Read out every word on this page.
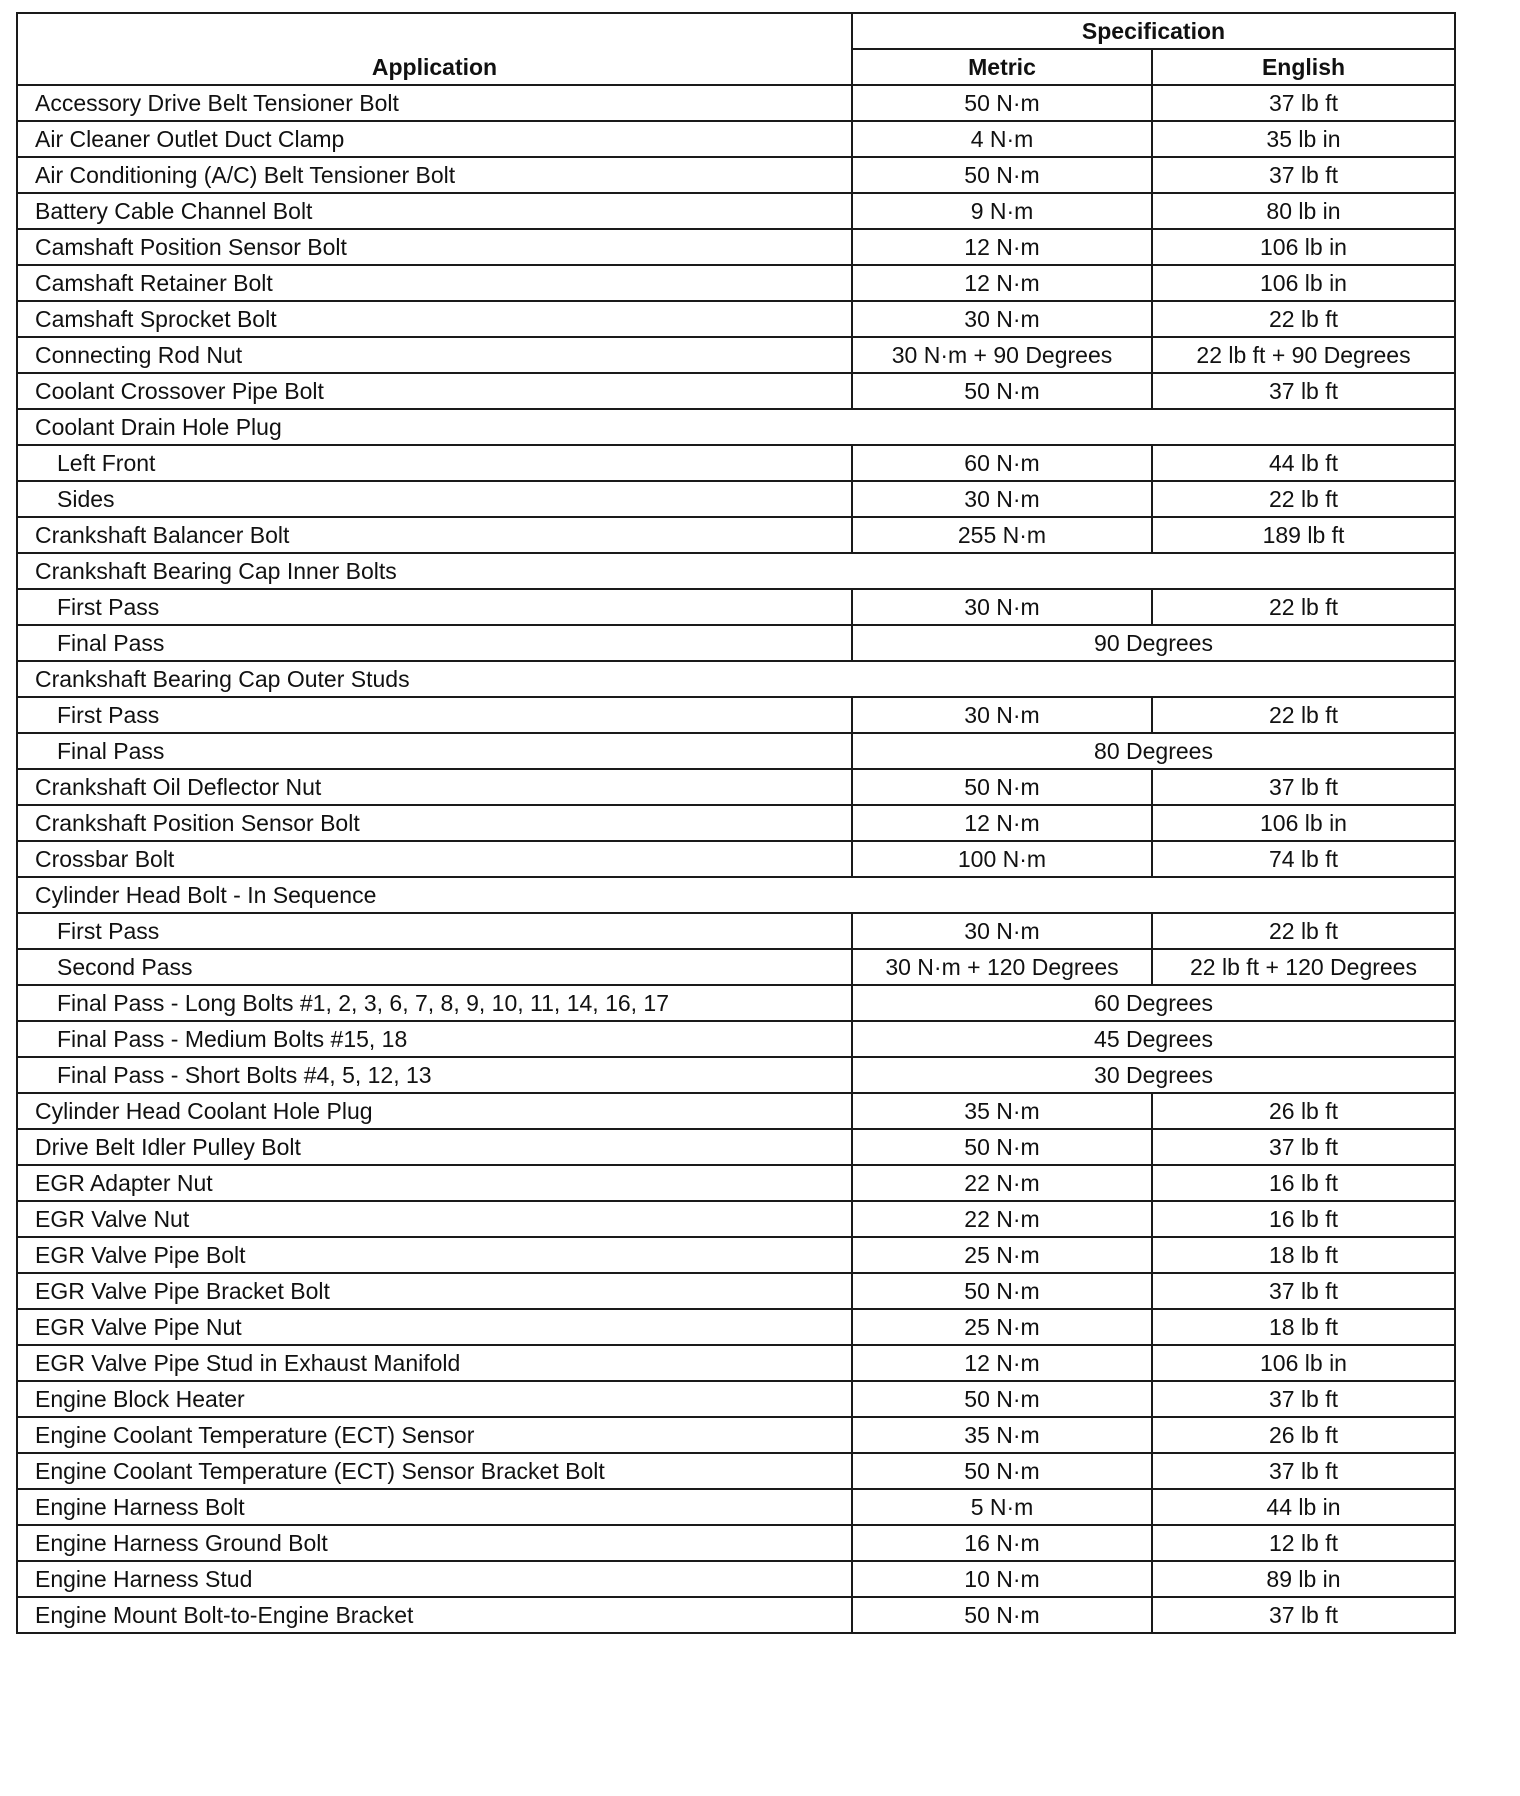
Application	Specification	
	Metric	English
Accessory Drive Belt Tensioner Bolt	50 N·m	37 lb ft
Air Cleaner Outlet Duct Clamp	4 N·m	35 lb in
Air Conditioning (A/C) Belt Tensioner Bolt	50 N·m	37 lb ft
Battery Cable Channel Bolt	9 N·m	80 lb in
Camshaft Position Sensor Bolt	12 N·m	106 lb in
Camshaft Retainer Bolt	12 N·m	106 lb in
Camshaft Sprocket Bolt	30 N·m	22 lb ft
Connecting Rod Nut	30 N·m + 90 Degrees	22 lb ft + 90 Degrees
Coolant Crossover Pipe Bolt	50 N·m	37 lb ft
Coolant Drain Hole Plug		
Left Front	60 N·m	44 lb ft
Sides	30 N·m	22 lb ft
Crankshaft Balancer Bolt	255 N·m	189 lb ft
Crankshaft Bearing Cap Inner Bolts		
First Pass	30 N·m	22 lb ft
Final Pass	90 Degrees	
Crankshaft Bearing Cap Outer Studs		
First Pass	30 N·m	22 lb ft
Final Pass	80 Degrees	
Crankshaft Oil Deflector Nut	50 N·m	37 lb ft
Crankshaft Position Sensor Bolt	12 N·m	106 lb in
Crossbar Bolt	100 N·m	74 lb ft
Cylinder Head Bolt - In Sequence		
First Pass	30 N·m	22 lb ft
Second Pass	30 N·m + 120 Degrees	22 lb ft + 120 Degrees
Final Pass - Long Bolts #1, 2, 3, 6, 7, 8, 9, 10, 11, 14, 16, 17	60 Degrees	
Final Pass - Medium Bolts #15, 18	45 Degrees	
Final Pass - Short Bolts #4, 5, 12, 13	30 Degrees	
Cylinder Head Coolant Hole Plug	35 N·m	26 lb ft
Drive Belt Idler Pulley Bolt	50 N·m	37 lb ft
EGR Adapter Nut	22 N·m	16 lb ft
EGR Valve Nut	22 N·m	16 lb ft
EGR Valve Pipe Bolt	25 N·m	18 lb ft
EGR Valve Pipe Bracket Bolt	50 N·m	37 lb ft
EGR Valve Pipe Nut	25 N·m	18 lb ft
EGR Valve Pipe Stud in Exhaust Manifold	12 N·m	106 lb in
Engine Block Heater	50 N·m	37 lb ft
Engine Coolant Temperature (ECT) Sensor	35 N·m	26 lb ft
Engine Coolant Temperature (ECT) Sensor Bracket Bolt	50 N·m	37 lb ft
Engine Harness Bolt	5 N·m	44 lb in
Engine Harness Ground Bolt	16 N·m	12 lb ft
Engine Harness Stud	10 N·m	89 lb in
Engine Mount Bolt-to-Engine Bracket	50 N·m	37 lb ft
